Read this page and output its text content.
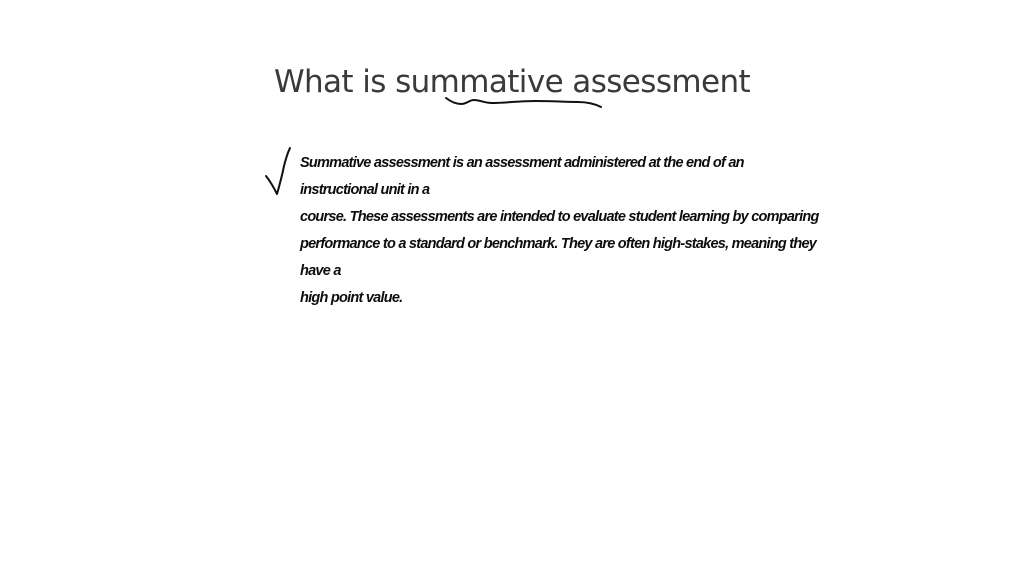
What is summative assessment

Summative assessment is an assessment administered at the end of an instructional unit in a
course. These assessments are intended to evaluate student learning by comparing
performance to a standard or benchmark. They are often high-stakes, meaning they have a
high point value.
